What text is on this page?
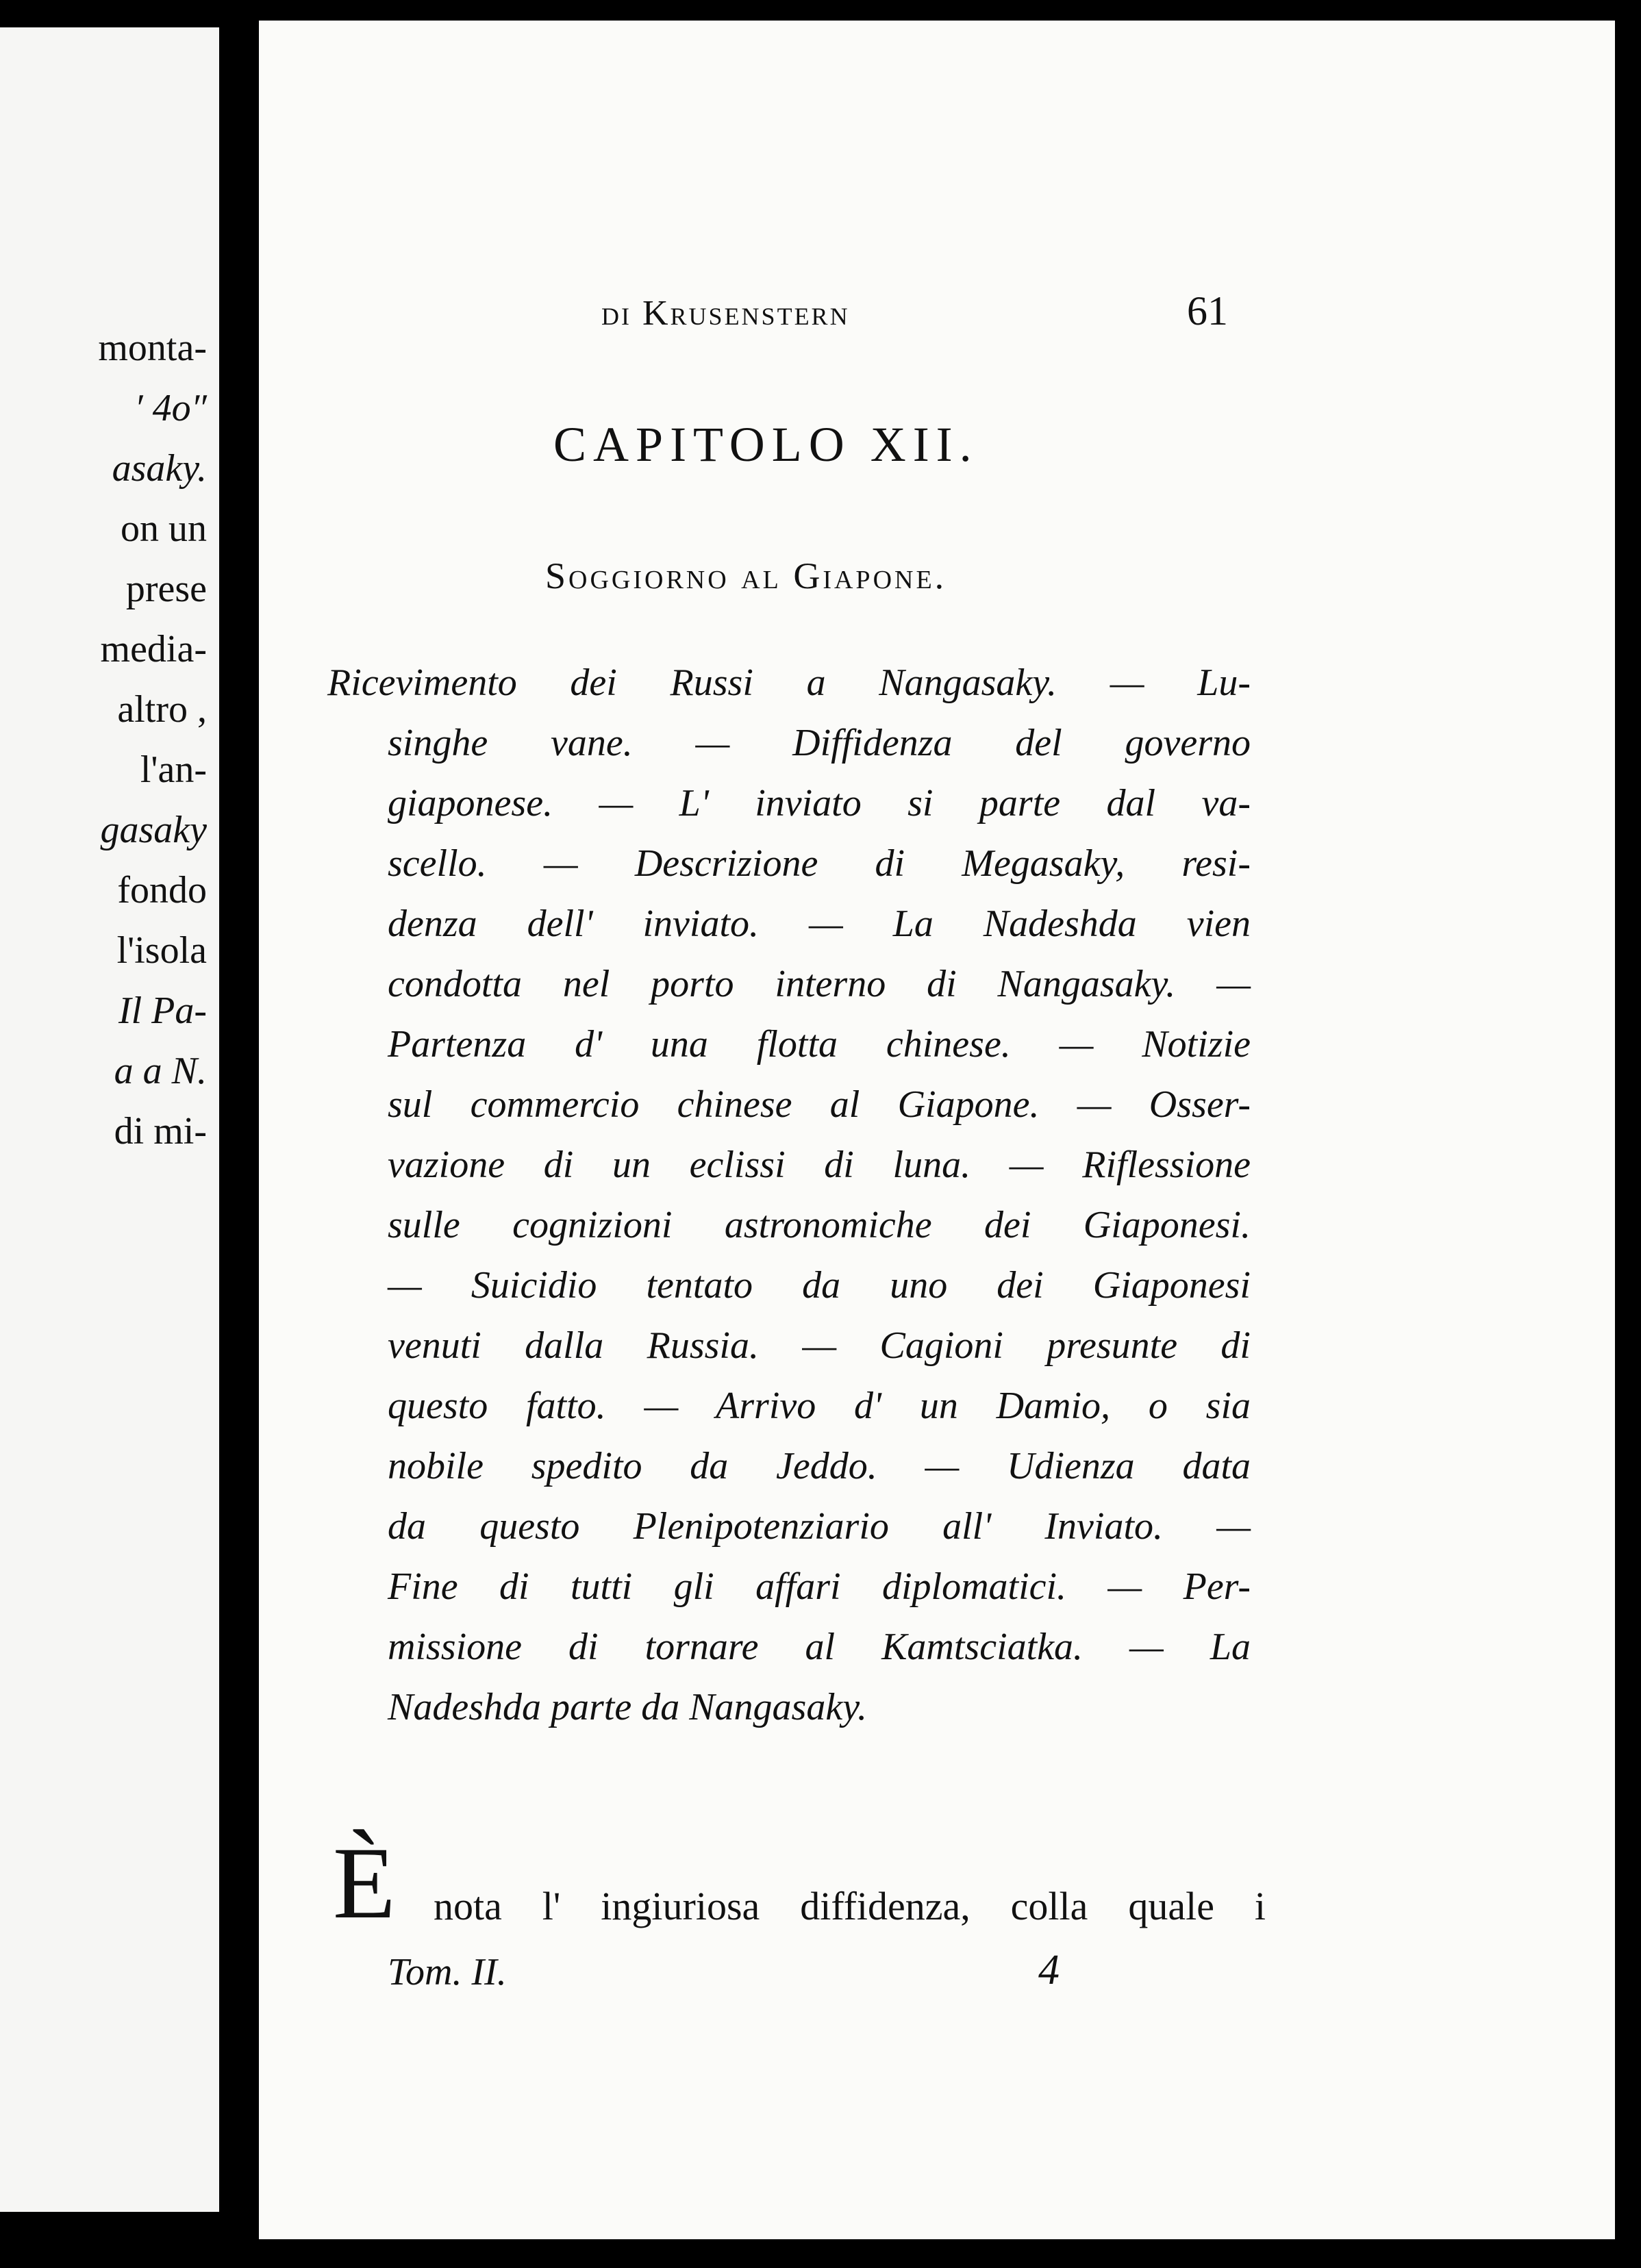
monta-
′ 4o″
asaky.
on un
prese
media-
altro ,
l'an-
gasaky
fondo
l'isola
Il Pa-
a a N.
di mi-
di Krusenstern	61
CAPITOLO XII.
Soggiorno al Giapone.
Ricevimento dei Russi a Nangasaky. — Lu-
singhe vane. — Diffidenza del governo
giaponese. — L' inviato si parte dal va-
scello. — Descrizione di Megasaky, resi-
denza dell' inviato. — La Nadeshda vien
condotta nel porto interno di Nangasaky. —
Partenza d' una flotta chinese. — Notizie
sul commercio chinese al Giapone. — Osser-
vazione di un eclissi di luna. — Riflessione
sulle cognizioni astronomiche dei Giaponesi.
— Suicidio tentato da uno dei Giaponesi
venuti dalla Russia. — Cagioni presunte di
questo fatto. — Arrivo d' un Damio, o sia
nobile spedito da Jeddo. — Udienza data
da questo Plenipotenziario all' Inviato. —
Fine di tutti gli affari diplomatici. — Per-
missione di tornare al Kamtsciatka. — La
Nadeshda parte da Nangasaky.
È nota l' ingiuriosa diffidenza, colla quale i
Tom. II.	4
